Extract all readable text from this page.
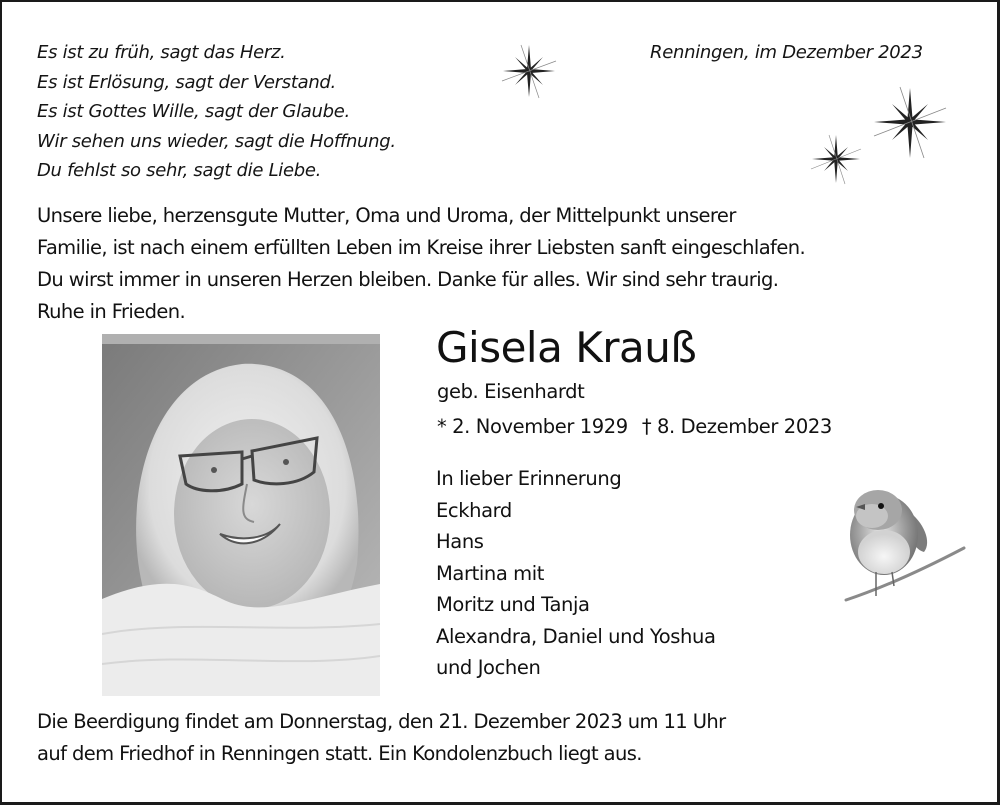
Es ist zu früh, sagt das Herz.
Es ist Erlösung, sagt der Verstand.
Es ist Gottes Wille, sagt der Glaube.
Wir sehen uns wieder, sagt die Hoffnung.
Du fehlst so sehr, sagt die Liebe.
Renningen, im Dezember 2023
Unsere liebe, herzensgute Mutter, Oma und Uroma, der Mittelpunkt unserer
Familie, ist nach einem erfüllten Leben im Kreise ihrer Liebsten sanft eingeschlafen.
Du wirst immer in unseren Herzen bleiben. Danke für alles. Wir sind sehr traurig.
Ruhe in Frieden.
Gisela Krauß
geb. Eisenhardt
* 2. November 1929 † 8. Dezember 2023
In lieber Erinnerung
Eckhard
Hans
Martina mit
Moritz und Tanja
Alexandra, Daniel und Yoshua
und Jochen
Die Beerdigung findet am Donnerstag, den 21. Dezember 2023 um 11 Uhr
auf dem Friedhof in Renningen statt. Ein Kondolenzbuch liegt aus.
